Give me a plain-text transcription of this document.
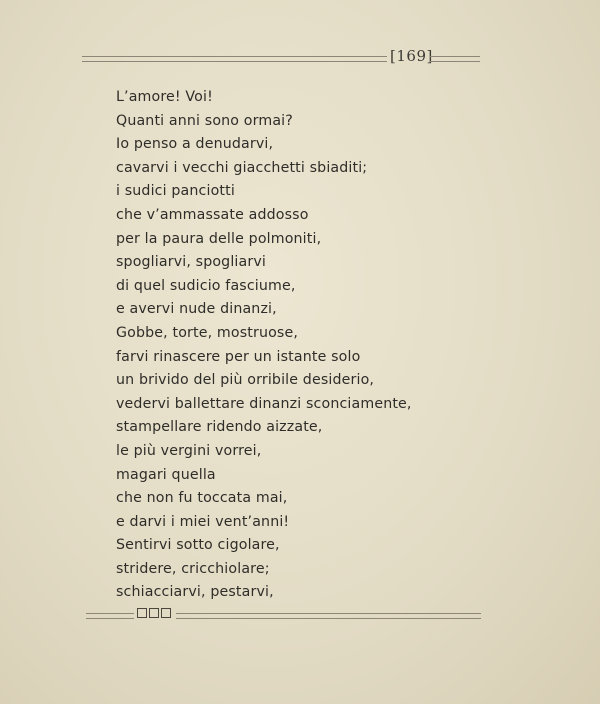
[169]
L’amore! Voi!
Quanti anni sono ormai?
Io penso a denudarvi,
cavarvi i vecchi giacchetti sbiaditi;
i sudici panciotti
che v’ammassate addosso
per la paura delle polmoniti,
spogliarvi, spogliarvi
di quel sudicio fasciume,
e avervi nude dinanzi,
Gobbe, torte, mostruose,
farvi rinascere per un istante solo
un brivido del più orribile desiderio,
vedervi ballettare dinanzi sconciamente,
stampellare ridendo aizzate,
le più vergini vorrei,
magari quella
che non fu toccata mai,
e darvi i miei vent’anni!
Sentirvi sotto cigolare,
stridere, cricchiolare;
schiacciarvi, pestarvi,
